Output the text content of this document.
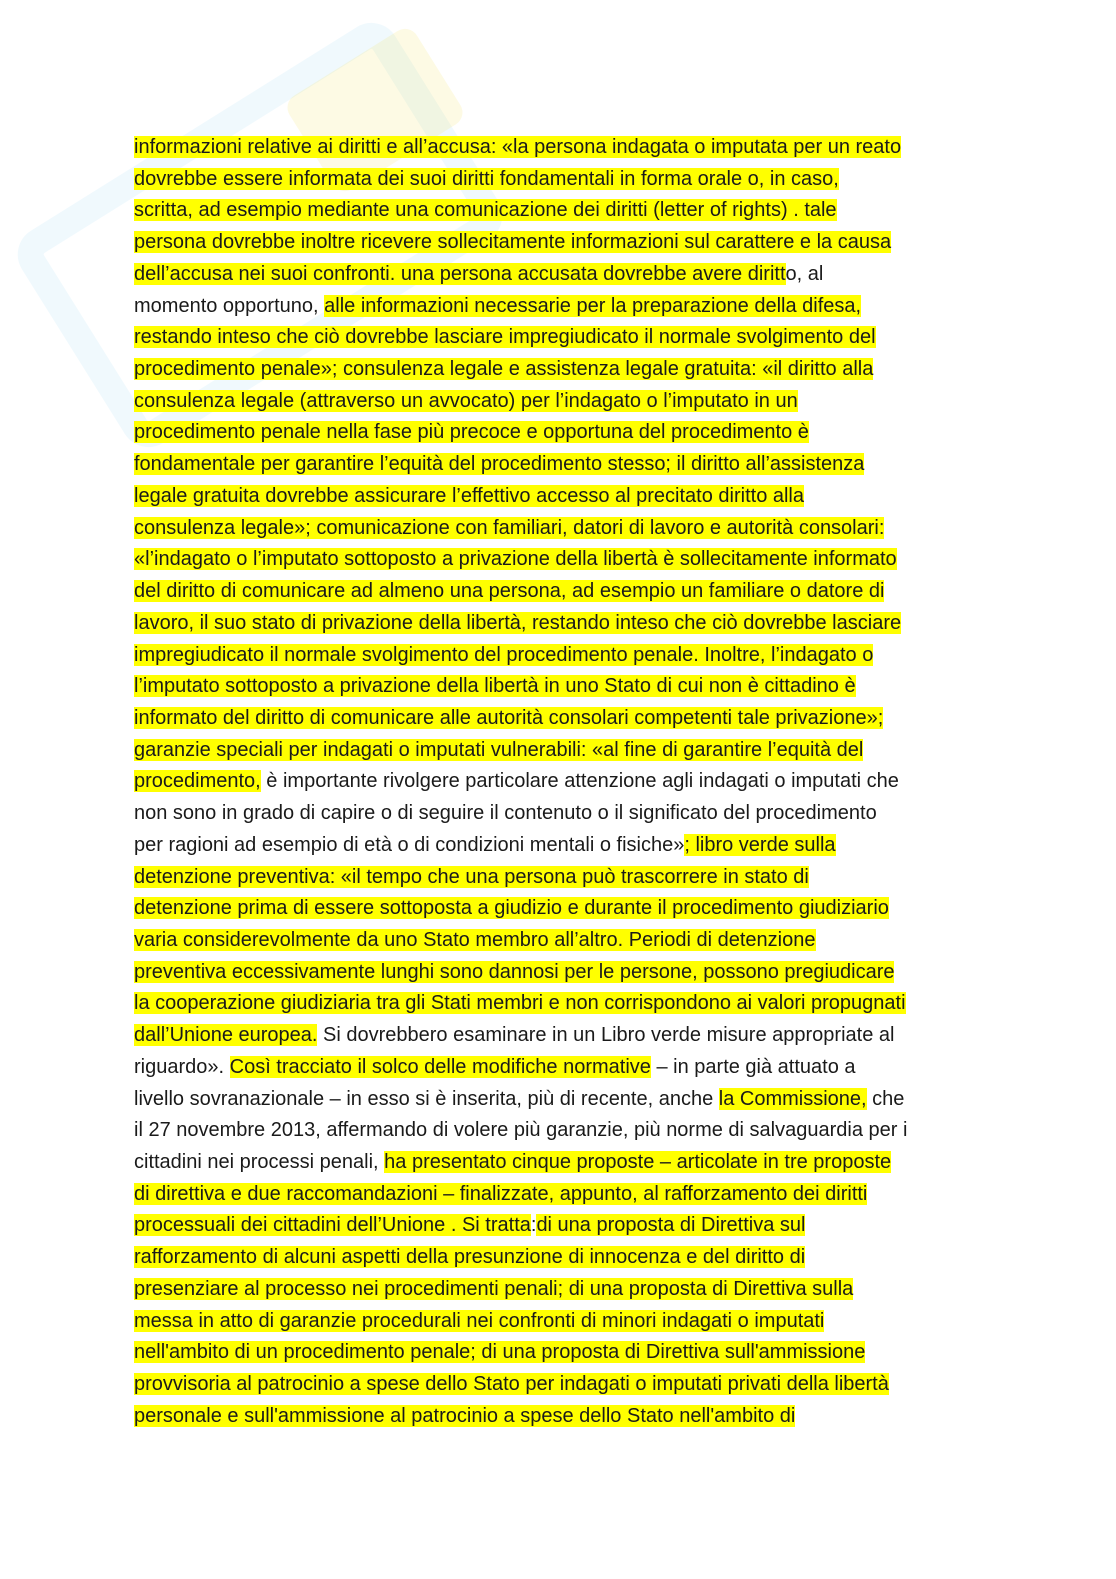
informazioni relative ai diritti e all’accusa: «la persona indagata o imputata per un reato
dovrebbe essere informata dei suoi diritti fondamentali in forma orale o, in caso,
scritta, ad esempio mediante una comunicazione dei diritti (letter of rights) . tale
persona dovrebbe inoltre ricevere sollecitamente informazioni sul carattere e la causa
dell’accusa nei suoi confronti. una persona accusata dovrebbe avere diritto, al
momento opportuno, alle informazioni necessarie per la preparazione della difesa,
restando inteso che ciò dovrebbe lasciare impregiudicato il normale svolgimento del
procedimento penale»; consulenza legale e assistenza legale gratuita: «il diritto alla
consulenza legale (attraverso un avvocato) per l’indagato o l’imputato in un
procedimento penale nella fase più precoce e opportuna del procedimento è
fondamentale per garantire l’equità del procedimento stesso; il diritto all’assistenza
legale gratuita dovrebbe assicurare l’effettivo accesso al precitato diritto alla
consulenza legale»; comunicazione con familiari, datori di lavoro e autorità consolari:
«l’indagato o l’imputato sottoposto a privazione della libertà è sollecitamente informato
del diritto di comunicare ad almeno una persona, ad esempio un familiare o datore di
lavoro, il suo stato di privazione della libertà, restando inteso che ciò dovrebbe lasciare
impregiudicato il normale svolgimento del procedimento penale. Inoltre, l’indagato o
l’imputato sottoposto a privazione della libertà in uno Stato di cui non è cittadino è
informato del diritto di comunicare alle autorità consolari competenti tale privazione»;
garanzie speciali per indagati o imputati vulnerabili: «al fine di garantire l’equità del
procedimento, è importante rivolgere particolare attenzione agli indagati o imputati che
non sono in grado di capire o di seguire il contenuto o il significato del procedimento
per ragioni ad esempio di età o di condizioni mentali o fisiche»; libro verde sulla
detenzione preventiva: «il tempo che una persona può trascorrere in stato di
detenzione prima di essere sottoposta a giudizio e durante il procedimento giudiziario
varia considerevolmente da uno Stato membro all’altro. Periodi di detenzione
preventiva eccessivamente lunghi sono dannosi per le persone, possono pregiudicare
la cooperazione giudiziaria tra gli Stati membri e non corrispondono ai valori propugnati
dall’Unione europea. Si dovrebbero esaminare in un Libro verde misure appropriate al
riguardo». Così tracciato il solco delle modifiche normative – in parte già attuato a
livello sovranazionale – in esso si è inserita, più di recente, anche la Commissione, che
il 27 novembre 2013, affermando di volere più garanzie, più norme di salvaguardia per i
cittadini nei processi penali, ha presentato cinque proposte – articolate in tre proposte
di direttiva e due raccomandazioni – finalizzate, appunto, al rafforzamento dei diritti
processuali dei cittadini dell’Unione . Si tratta:di una proposta di Direttiva sul
rafforzamento di alcuni aspetti della presunzione di innocenza e del diritto di
presenziare al processo nei procedimenti penali; di una proposta di Direttiva sulla
messa in atto di garanzie procedurali nei confronti di minori indagati o imputati
nell'ambito di un procedimento penale; di una proposta di Direttiva sull'ammissione
provvisoria al patrocinio a spese dello Stato per indagati o imputati privati della libertà
personale e sull'ammissione al patrocinio a spese dello Stato nell'ambito di
